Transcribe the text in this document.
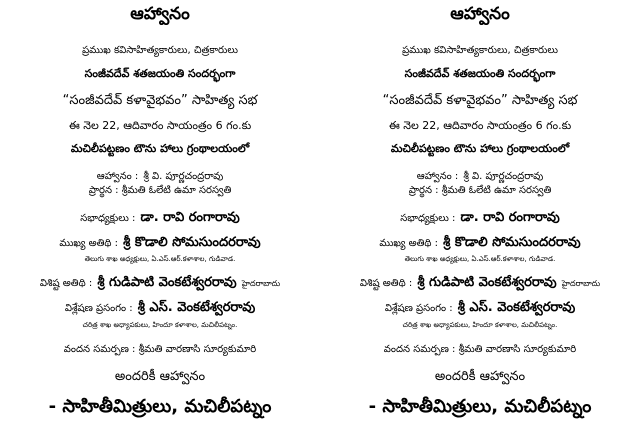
ఆహ్వానం
ప్రముఖ కవిసాహిత్యకారులు, చిత్రకారులు
సంజీవదేవ్ శతజయంతి సందర్భంగా
“సంజీవదేవ్ కళావైభవం” సాహిత్య సభ
ఈ నెల 22, ఆదివారం సాయంత్రం 6 గం.కు
మచిలీపట్టణం టౌను హాలు గ్రంథాలయంలో
ఆహ్వానం : శ్రీ వి. పూర్ణచంద్రరావు
ప్రార్థన : శ్రీమతి ఓలేటి ఉమా సరస్వతి
సభాధ్యక్షులు : డా. రావి రంగారావు
ముఖ్య అతిథి : శ్రీ కొడాలి సోమసుందరరావు
తెలుగు శాఖ అధ్యక్షులు, ఏ.ఎస్.ఆర్.కళాశాల, గుడివాడ.
విశిష్ట అతిథి : శ్రీ గుడిపాటి వెంకటేశ్వరరావు హైదరాబాదు
విశ్లేషణ ప్రసంగం : శ్రీ ఎస్. వెంకటేశ్వరరావు
చరిత్ర శాఖ అధ్యాపకులు, హిందూ కళాశాల, మచిలీపట్నం.
వందన సమర్పణ : శ్రీమతి వారణాసి సూర్యకుమారి
అందరికీ ఆహ్వానం
- సాహితీమిత్రులు, మచిలీపట్నం
ఆహ్వానం
ప్రముఖ కవిసాహిత్యకారులు, చిత్రకారులు
సంజీవదేవ్ శతజయంతి సందర్భంగా
“సంజీవదేవ్ కళావైభవం” సాహిత్య సభ
ఈ నెల 22, ఆదివారం సాయంత్రం 6 గం.కు
మచిలీపట్టణం టౌను హాలు గ్రంథాలయంలో
ఆహ్వానం : శ్రీ వి. పూర్ణచంద్రరావు
ప్రార్థన : శ్రీమతి ఓలేటి ఉమా సరస్వతి
సభాధ్యక్షులు : డా. రావి రంగారావు
ముఖ్య అతిథి : శ్రీ కొడాలి సోమసుందరరావు
తెలుగు శాఖ అధ్యక్షులు, ఏ.ఎస్.ఆర్.కళాశాల, గుడివాడ.
విశిష్ట అతిథి : శ్రీ గుడిపాటి వెంకటేశ్వరరావు హైదరాబాదు
విశ్లేషణ ప్రసంగం : శ్రీ ఎస్. వెంకటేశ్వరరావు
చరిత్ర శాఖ అధ్యాపకులు, హిందూ కళాశాల, మచిలీపట్నం.
వందన సమర్పణ : శ్రీమతి వారణాసి సూర్యకుమారి
అందరికీ ఆహ్వానం
- సాహితీమిత్రులు, మచిలీపట్నం
